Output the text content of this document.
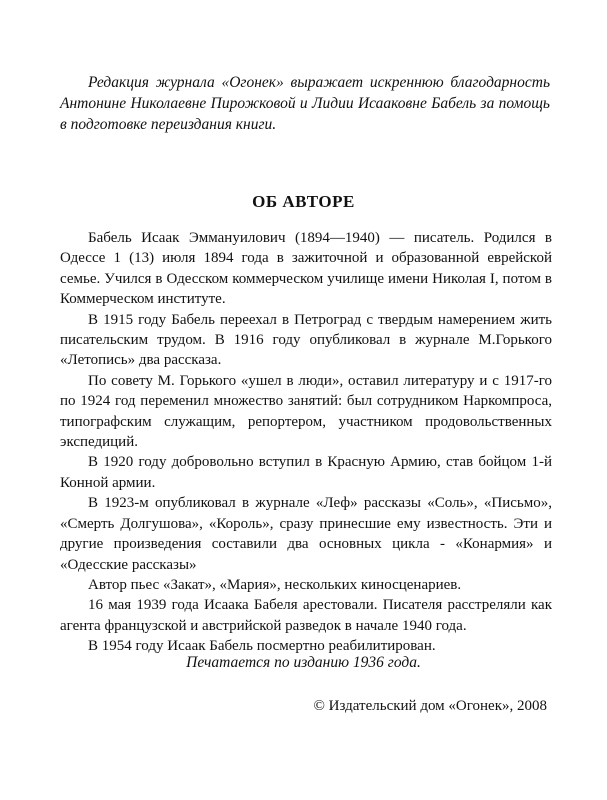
Редакция журнала «Огонек» выражает искреннюю благодарность Антонине Николаевне Пирожковой и Лидии Исааковне Бабель за помощь в подготовке переиздания книги.

ОБ АВТОРЕ

Бабель Исаак Эммануилович (1894—1940) — писатель. Родился в Одессе 1 (13) июля 1894 года в зажиточной и образованной еврейской семье. Учился в Одесском коммерческом училище имени Николая I, потом в Коммерческом институте.

В 1915 году Бабель переехал в Петроград с твердым намерением жить писательским трудом. В 1916 году опубликовал в журнале М.Горького «Летопись» два рассказа.

По совету М. Горького «ушел в люди», оставил литературу и с 1917-го по 1924 год переменил множество занятий: был сотрудником Наркомпроса, типографским служащим, репортером, участником продовольственных экспедиций.

В 1920 году добровольно вступил в Красную Армию, став бойцом 1-й Конной армии.

В 1923-м опубликовал в журнале «Леф» рассказы «Соль», «Письмо», «Смерть Долгушова», «Король», сразу принесшие ему известность. Эти и другие произведения составили два основных цикла - «Конармия» и «Одесские рассказы»

Автор пьес «Закат», «Мария», нескольких киносценариев.

16 мая 1939 года Исаака Бабеля арестовали. Писателя расстреляли как агента французской и австрийской разведок в начале 1940 года.

В 1954 году Исаак Бабель посмертно реабилитирован.

Печатается по изданию 1936 года.

© Издательский дом «Огонек», 2008
